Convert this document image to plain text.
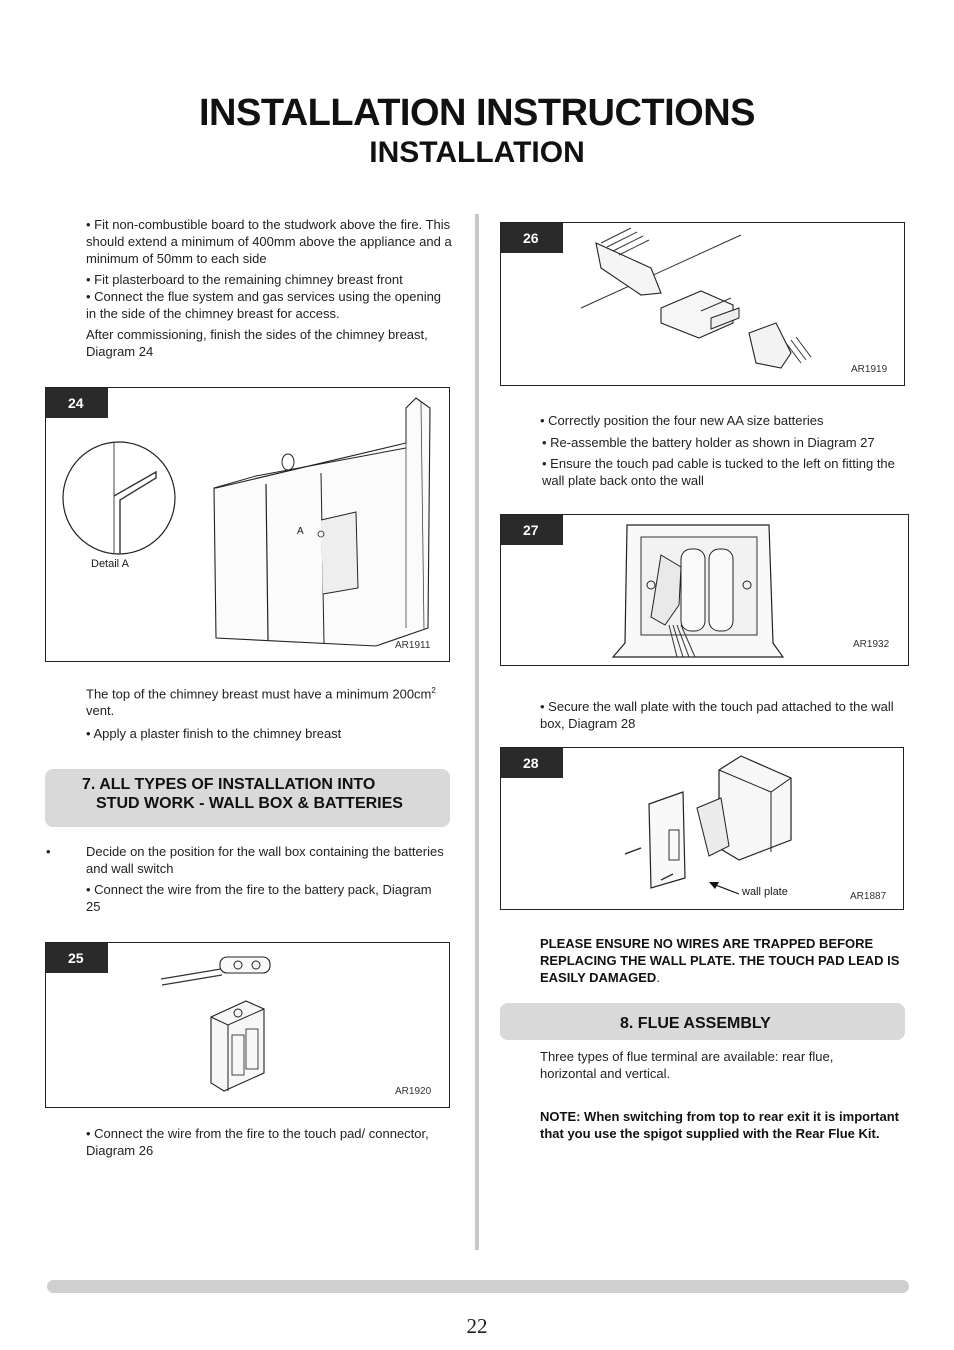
INSTALLATION INSTRUCTIONS
INSTALLATION
• Fit non-combustible board to the studwork above the fire. This should extend a minimum of 400mm above the appliance and a minimum of 50mm to each side
• Fit plasterboard to the remaining chimney breast front
• Connect the flue system and gas services using the opening in the side of the chimney breast for access.
After commissioning, finish the sides of the chimney breast, Diagram 24
24
A
Detail A
AR1911
The top of the chimney breast must have a minimum $200cm^2$ vent.
• Apply a plaster finish to the chimney breast
7. ALL TYPES OF INSTALLATION INTO
STUD WORK - WALL BOX & BATTERIES
•	Decide on the position for the wall box containing the batteries and wall switch
• Connect the wire from the fire to the battery pack, Diagram 25
25
AR1920
• Connect the wire from the fire to the touch pad/ connector, Diagram 26
26
AR1919
• Correctly position the four new AA size batteries
• Re-assemble the battery holder as shown in Diagram 27
• Ensure the touch pad cable is tucked to the left on fitting the wall plate back onto the wall
27
AR1932
• Secure the wall plate with the touch pad attached to the wall box, Diagram 28
28
wall plate	AR1887
PLEASE ENSURE NO WIRES ARE TRAPPED BEFORE REPLACING THE WALL PLATE. THE TOUCH PAD LEAD IS EASILY DAMAGED.
8. FLUE ASSEMBLY
Three types of flue terminal are available: rear flue, horizontal and vertical.
NOTE: When switching from top to rear exit it is important that you use the spigot supplied with the Rear Flue Kit.
22
